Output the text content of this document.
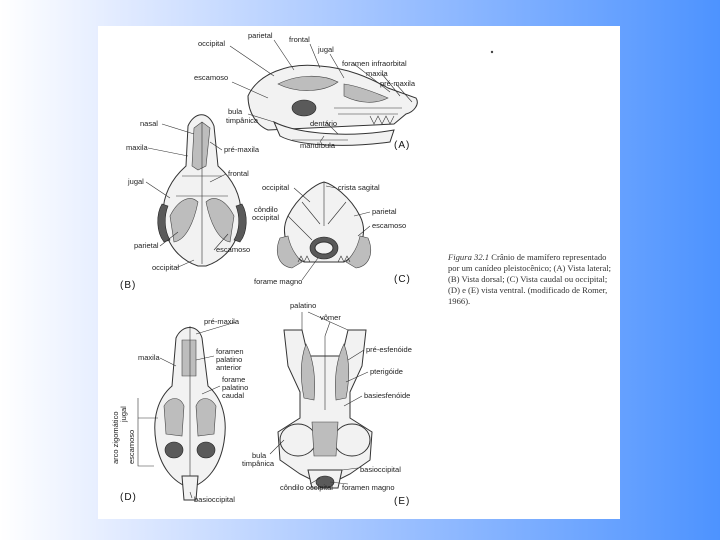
occipital
parietal frontal
jugal
foramen infraorbital
maxila
pré-maxila
escamoso
bula
timpânica	dentário
mandíbula	(A)
nasal
maxila	pré-maxila
frontal
jugal
parietal	escamoso
occipital
(B)
occipital	crista sagital
côndilo
occipital
parietal
escamoso
forame magno	(C)
pré-maxila
maxila
foramen
palatino
anterior
forame
palatino
caudal
arco zigomático jugal
escamoso
basioccipital
(D)
palatino
vômer
pré-esfenóide
pterigóide
basiesfenóide
bula
timpânica
basioccipital
côndilo occipital foramen magno
(E)
Figura 32.1 Crânio de mamífero representado por um canídeo pleistocênico; (A) Vista lateral; (B) Vista dorsal; (C) Vista caudal ou occipital; (D) e (E) vista ventral. (modificado de Romer, 1966).
